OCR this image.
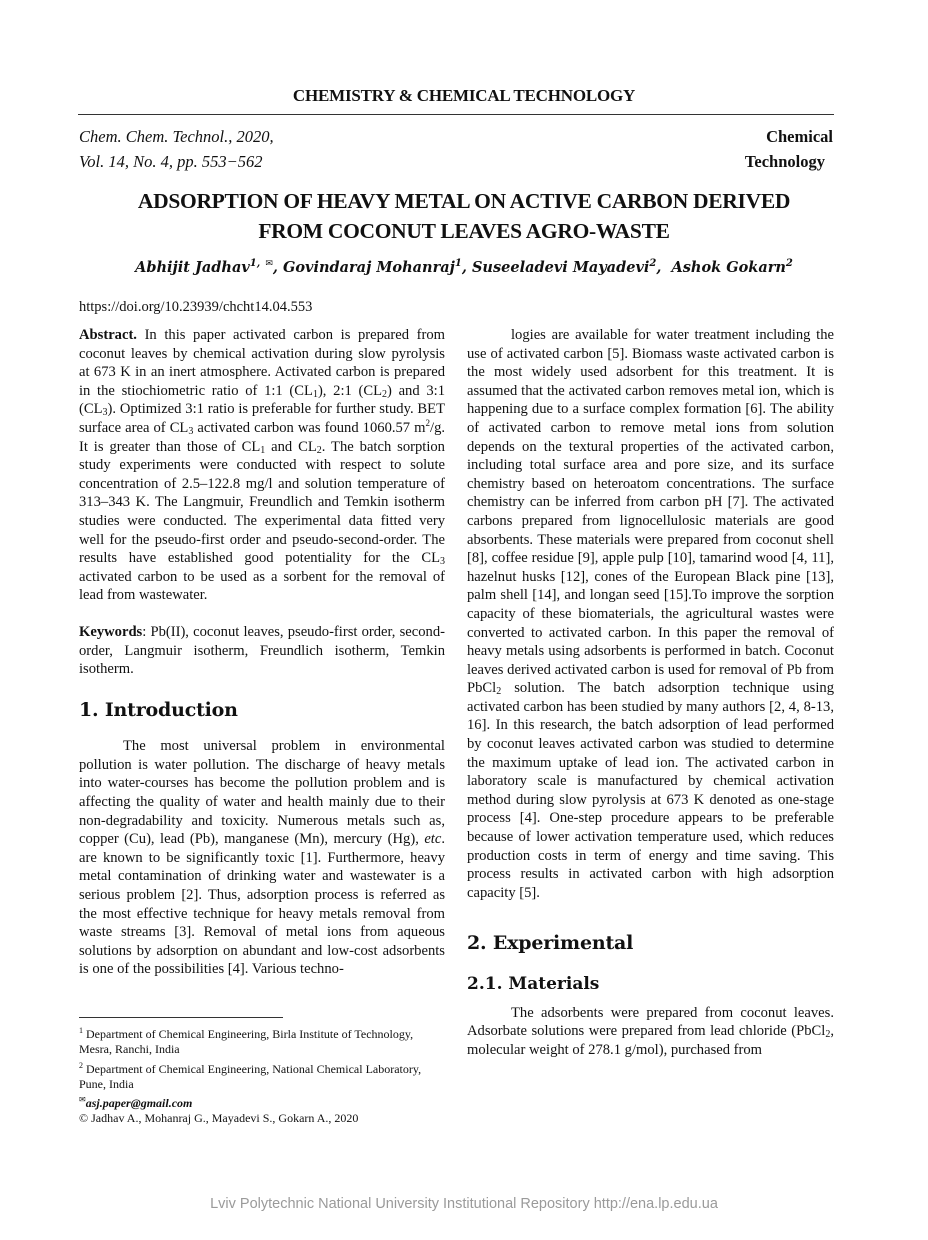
CHEMISTRY & CHEMICAL TECHNOLOGY
Chem. Chem. Technol., 2020,
Vol. 14, No. 4, pp. 553−562
Chemical
Technology
ADSORPTION OF HEAVY METAL ON ACTIVE CARBON DERIVED
FROM COCONUT LEAVES AGRO-WASTE
Abhijit Jadhav$^{1,}$ ✉, Govindaraj Mohanraj$^1$, Suseeladevi Mayadevi$^2$,  Ashok Gokarn$^2$
https://doi.org/10.23939/chcht14.04.553

Abstract. In this paper activated carbon is prepared from coconut leaves by chemical activation during slow pyrolysis at 673 K in an inert atmosphere. Activated carbon is prepared in the stiochiometric ratio of 1:1 $(CL_1)$, 2:1 $(CL_2)$ and 3:1 $(CL_3)$. Optimized 3:1 ratio is preferable for further study. BET surface area of $CL_3$ activated carbon was found 1060.57 $m^2/g$. It is greater than those of $CL_1$ and $CL_2$. The batch sorption study experiments were conducted with respect to solute concentration of 2.5–122.8 mg/l and solution temperature of 313–343 K. The Langmuir, Freundlich and Temkin isotherm studies were conducted. The experimental data fitted very well for the pseudo-first order and pseudo-second-order. The results have established good potentiality for the $CL_3$ activated carbon to be used as a sorbent for the removal of lead from wastewater.

Keywords: Pb(II), coconut leaves, pseudo-first order, second-order, Langmuir isotherm, Freundlich isotherm, Temkin isotherm.

1. Introduction

The most universal problem in environmental pollution is water pollution. The discharge of heavy metals into water-courses has become the pollution problem and is affecting the quality of water and health mainly due to their non-degradability and toxicity. Numerous metals such as, copper (Cu), lead (Pb), manganese (Mn), mercury (Hg), etc. are known to be significantly toxic [1]. Furthermore, heavy metal contamination of drinking water and wastewater is a serious problem [2]. Thus, adsorption process is referred as the most effective technique for heavy metals removal from waste streams [3]. Removal of metal ions from aqueous solutions by adsorption on abundant and low-cost adsorbents is one of the possibilities [4]. Various techno-

$^1$ Department of Chemical Engineering, Birla Institute of Technology, Mesra, Ranchi, India
$^2$ Department of Chemical Engineering, National Chemical Laboratory, Pune, India
✉asj.paper@gmail.com
© Jadhav A., Mohanraj G., Mayadevi S., Gokarn A., 2020

logies are available for water treatment including the use of activated carbon [5]. Biomass waste activated carbon is the most widely used adsorbent for this treatment. It is assumed that the activated carbon removes metal ion, which is happening due to a surface complex formation [6]. The ability of activated carbon to remove metal ions from solution depends on the textural properties of the activated carbon, including total surface area and pore size, and its surface chemistry based on heteroatom concentrations. The surface chemistry can be inferred from carbon pH [7]. The activated carbons prepared from lignocellulosic materials are good absorbents. These materials were prepared from coconut shell [8], coffee residue [9], apple pulp [10], tamarind wood [4, 11], hazelnut husks [12], cones of the European Black pine [13], palm shell [14], and longan seed [15].To improve the sorption capacity of these biomaterials, the agricultural wastes were converted to activated carbon. In this paper the removal of heavy metals using adsorbents is performed in batch. Coconut leaves derived activated carbon is used for removal of Pb from PbCl$_2$ solution. The batch adsorption technique using activated carbon has been studied by many authors [2, 4, 8-13, 16]. In this research, the batch adsorption of lead performed by coconut leaves activated carbon was studied to determine the maximum uptake of lead ion. The activated carbon in laboratory scale is manufactured by chemical activation method during slow pyrolysis at 673 K denoted as one-stage process [4]. One-step procedure appears to be preferable because of lower activation temperature used, which reduces production costs in term of energy and time saving. This process results in activated carbon with high adsorption capacity [5].

2. Experimental
2.1. Materials

The adsorbents were prepared from coconut leaves. Adsorbate solutions were prepared from lead chloride (PbCl$_2$, molecular weight of 278.1 g/mol), purchased from

Lviv Polytechnic National University Institutional Repository http://ena.lp.edu.ua
